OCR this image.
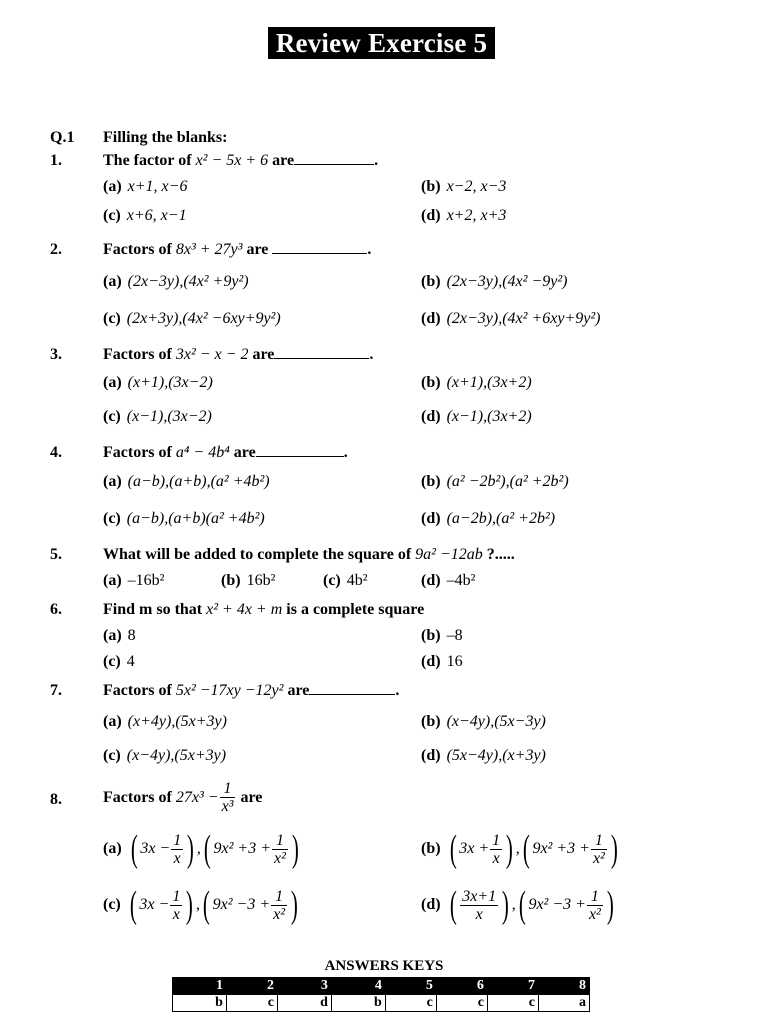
Review Exercise 5
Q.1 Filling the blanks:
1.	The factor of x² − 5x + 6 are	.
(a) x+1, x−6	(b) x−2, x−3
(c) x+6, x−1	(d) x+2, x+3
2.	Factors of 8x³ + 27y³ are	.
(a) (2x−3y),(4x² +9y²)	(b) (2x−3y),(4x² −9y²)
(c) (2x+3y),(4x² −6xy+9y²)	(d) (2x−3y),(4x² +6xy+9y²)
3.	Factors of 3x² − x − 2 are	.
(a) (x+1),(3x−2)	(b) (x+1),(3x+2)
(c) (x−1),(3x−2)	(d) (x−1),(3x+2)
4.	Factors of a⁴ − 4b⁴ are	.
(a) (a−b),(a+b),(a² +4b²)	(b) (a² −2b²),(a² +2b²)
(c) (a−b),(a+b)(a² +4b²)	(d) (a−2b),(a² +2b²)
5.	What will be added to complete the square of 9a² −12ab ?.....
(a) –16b²	(b) 16b²	(c) 4b²	(d) –4b²
6.	Find m so that x² + 4x + m is a complete square
(a) 8	(b) –8
(c) 4	(d) 16
7.	Factors of 5x² −17xy −12y² are	.
(a) (x+4y),(5x+3y)	(b) (x−4y),(5x−3y)
(c) (x−4y),(5x+3y)	(d) (5x−4y),(x+3y)
8.	Factors of
$27x^3 - \frac{1}{\text{x³}}$
are
(a) ( $3x - \frac{1}{x}$ ) , ( $9x^2 +3 + \frac{1}{\text{x²}}$ )	(b) ( $3x + \frac{1}{x}$ ) , ( $9x^2 +3 + \frac{1}{\text{x²}}$ )
(c) ( $3x - \frac{1}{x}$ ) , ( $9x^2 -3 + \frac{1}{\text{x²}}$ )	(d) ( $\frac{3x+1}{x}$ ) , ( $9x^2 -3 + \frac{1}{\text{x²}}$ )
ANSWERS KEYS
1	2	3	4	5	6	7	8
b	c	d	b	c	c	c	a
